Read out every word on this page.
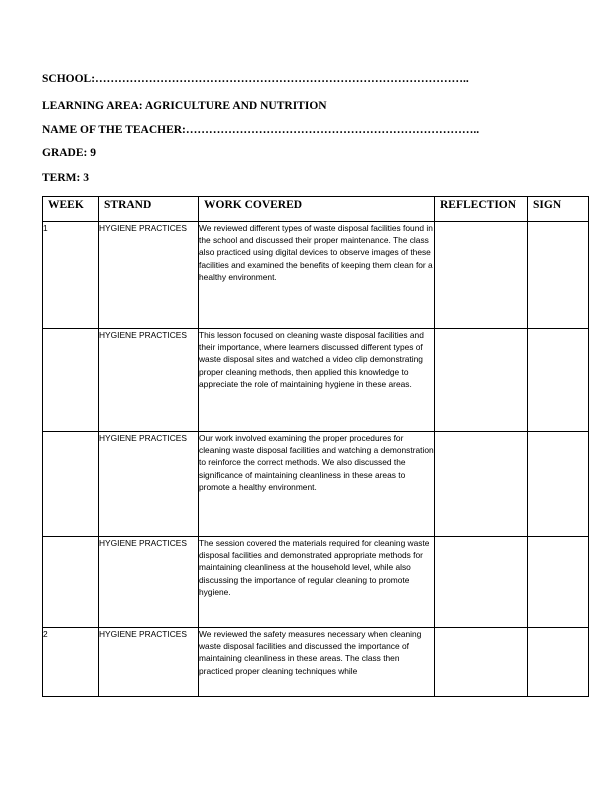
SCHOOL:……………………………………………………………………………………..
LEARNING AREA: AGRICULTURE AND NUTRITION
NAME OF THE TEACHER:…………………………………………………………………..
GRADE: 9
TERM: 3
WEEK	STRAND	WORK COVERED	REFLECTION	SIGN
1	HYGIENE PRACTICES	We reviewed different types of waste disposal facilities found in the school and discussed their proper maintenance. The class also practiced using digital devices to observe images of these facilities and examined the benefits of keeping them clean for a healthy environment.		
	HYGIENE PRACTICES	This lesson focused on cleaning waste disposal facilities and their importance, where learners discussed different types of waste disposal sites and watched a video clip demonstrating proper cleaning methods, then applied this knowledge to appreciate the role of maintaining hygiene in these areas.		
	HYGIENE PRACTICES	Our work involved examining the proper procedures for cleaning waste disposal facilities and watching a demonstration to reinforce the correct methods. We also discussed the significance of maintaining cleanliness in these areas to promote a healthy environment.		
	HYGIENE PRACTICES	The session covered the materials required for cleaning waste disposal facilities and demonstrated appropriate methods for maintaining cleanliness at the household level, while also discussing the importance of regular cleaning to promote hygiene.		
2	HYGIENE PRACTICES	We reviewed the safety measures necessary when cleaning waste disposal facilities and discussed the importance of maintaining cleanliness in these areas. The class then practiced proper cleaning techniques while		
